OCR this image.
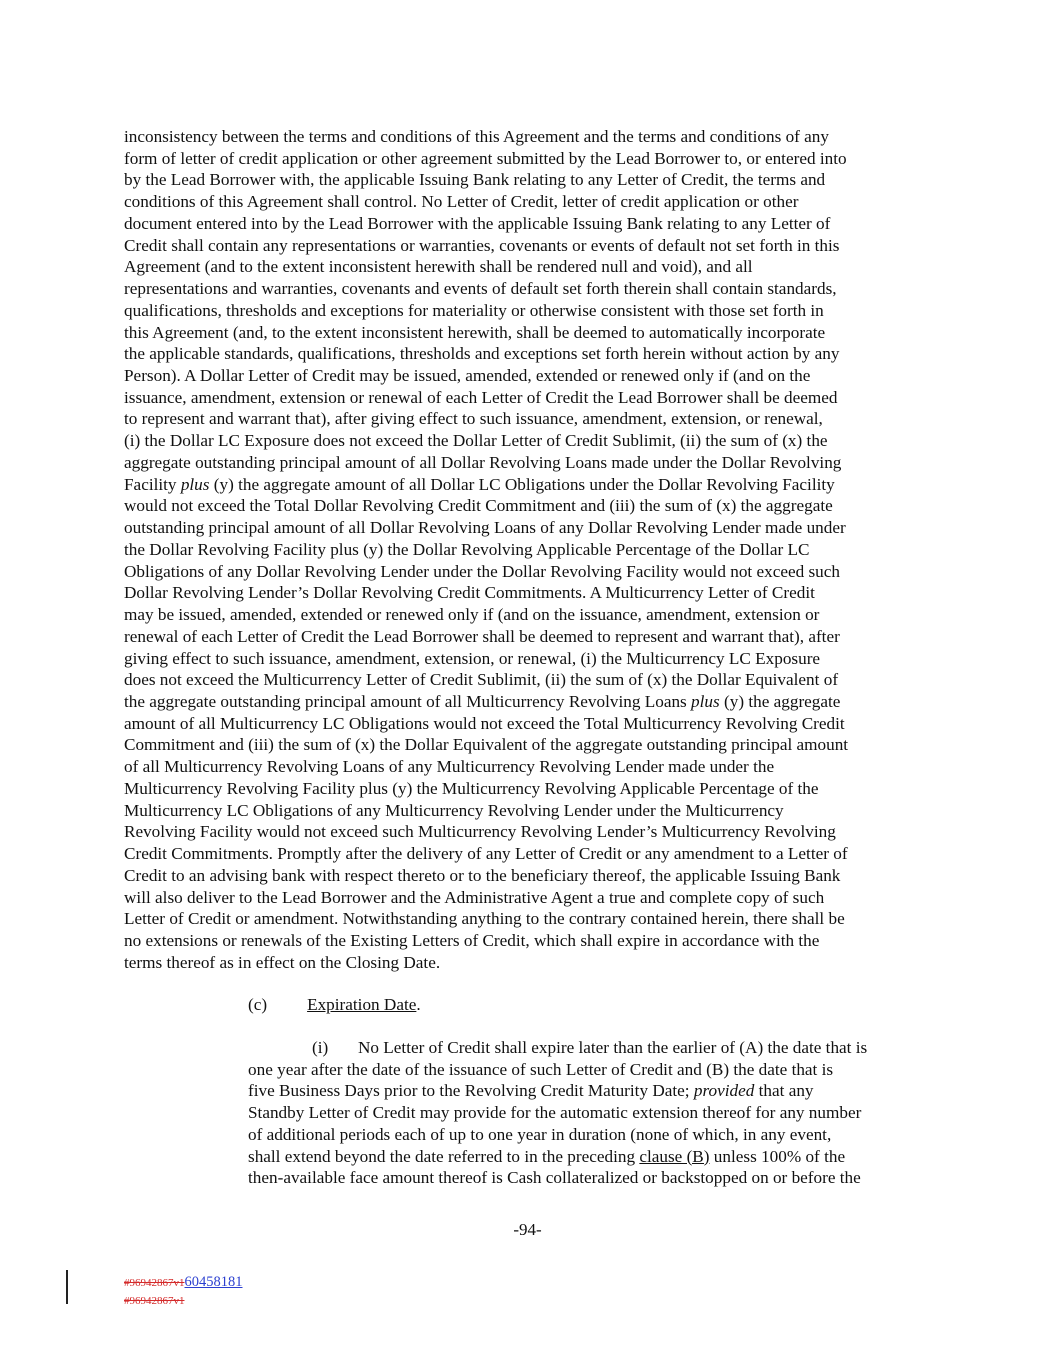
inconsistency between the terms and conditions of this Agreement and the terms and conditions of any
form of letter of credit application or other agreement submitted by the Lead Borrower to, or entered into
by the Lead Borrower with, the applicable Issuing Bank relating to any Letter of Credit, the terms and
conditions of this Agreement shall control. No Letter of Credit, letter of credit application or other
document entered into by the Lead Borrower with the applicable Issuing Bank relating to any Letter of
Credit shall contain any representations or warranties, covenants or events of default not set forth in this
Agreement (and to the extent inconsistent herewith shall be rendered null and void), and all
representations and warranties, covenants and events of default set forth therein shall contain standards,
qualifications, thresholds and exceptions for materiality or otherwise consistent with those set forth in
this Agreement (and, to the extent inconsistent herewith, shall be deemed to automatically incorporate
the applicable standards, qualifications, thresholds and exceptions set forth herein without action by any
Person). A Dollar Letter of Credit may be issued, amended, extended or renewed only if (and on the
issuance, amendment, extension or renewal of each Letter of Credit the Lead Borrower shall be deemed
to represent and warrant that), after giving effect to such issuance, amendment, extension, or renewal,
(i) the Dollar LC Exposure does not exceed the Dollar Letter of Credit Sublimit, (ii) the sum of (x) the
aggregate outstanding principal amount of all Dollar Revolving Loans made under the Dollar Revolving
Facility plus (y) the aggregate amount of all Dollar LC Obligations under the Dollar Revolving Facility
would not exceed the Total Dollar Revolving Credit Commitment and (iii) the sum of (x) the aggregate
outstanding principal amount of all Dollar Revolving Loans of any Dollar Revolving Lender made under
the Dollar Revolving Facility plus (y) the Dollar Revolving Applicable Percentage of the Dollar LC
Obligations of any Dollar Revolving Lender under the Dollar Revolving Facility would not exceed such
Dollar Revolving Lender’s Dollar Revolving Credit Commitments. A Multicurrency Letter of Credit
may be issued, amended, extended or renewed only if (and on the issuance, amendment, extension or
renewal of each Letter of Credit the Lead Borrower shall be deemed to represent and warrant that), after
giving effect to such issuance, amendment, extension, or renewal, (i) the Multicurrency LC Exposure
does not exceed the Multicurrency Letter of Credit Sublimit, (ii) the sum of (x) the Dollar Equivalent of
the aggregate outstanding principal amount of all Multicurrency Revolving Loans plus (y) the aggregate
amount of all Multicurrency LC Obligations would not exceed the Total Multicurrency Revolving Credit
Commitment and (iii) the sum of (x) the Dollar Equivalent of the aggregate outstanding principal amount
of all Multicurrency Revolving Loans of any Multicurrency Revolving Lender made under the
Multicurrency Revolving Facility plus (y) the Multicurrency Revolving Applicable Percentage of the
Multicurrency LC Obligations of any Multicurrency Revolving Lender under the Multicurrency
Revolving Facility would not exceed such Multicurrency Revolving Lender’s Multicurrency Revolving
Credit Commitments. Promptly after the delivery of any Letter of Credit or any amendment to a Letter of
Credit to an advising bank with respect thereto or to the beneficiary thereof, the applicable Issuing Bank
will also deliver to the Lead Borrower and the Administrative Agent a true and complete copy of such
Letter of Credit or amendment. Notwithstanding anything to the contrary contained herein, there shall be
no extensions or renewals of the Existing Letters of Credit, which shall expire in accordance with the
terms thereof as in effect on the Closing Date.
(c) Expiration Date.
(i) No Letter of Credit shall expire later than the earlier of (A) the date that is
one year after the date of the issuance of such Letter of Credit and (B) the date that is
five Business Days prior to the Revolving Credit Maturity Date; provided that any
Standby Letter of Credit may provide for the automatic extension thereof for any number
of additional periods each of up to one year in duration (none of which, in any event,
shall extend beyond the date referred to in the preceding clause (B) unless 100% of the
then-available face amount thereof is Cash collateralized or backstopped on or before the
-94-
#96942867v160458181
#96942867v1
